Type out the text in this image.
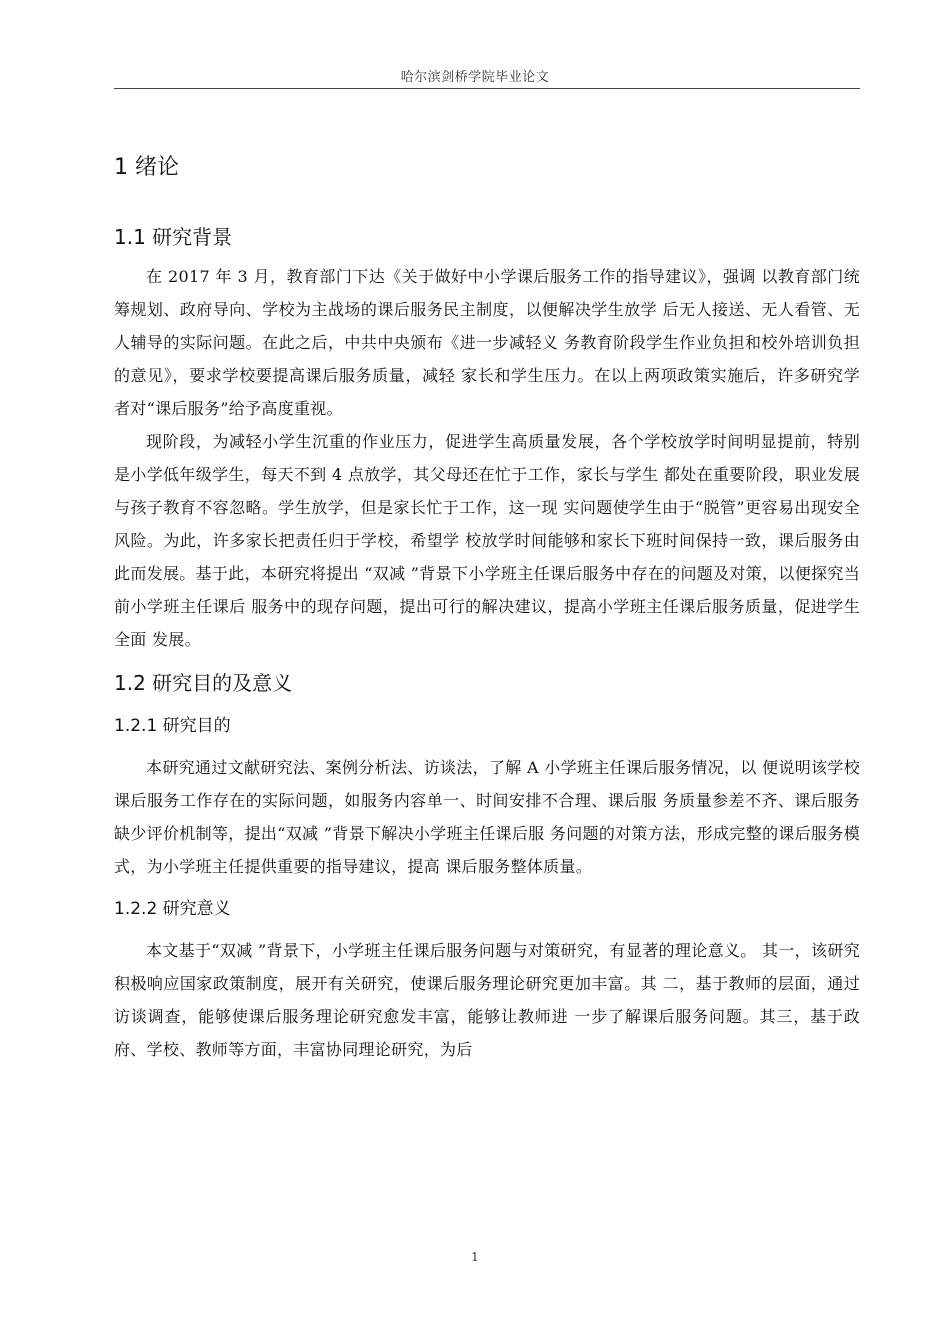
哈尔滨剑桥学院毕业论文
1 绪论
1.1 研究背景

在 2017 年 3 月，教育部门下达《关于做好中小学课后服务工作的指导建议》，强调 以教育部门统筹规划、政府导向、学校为主战场的课后服务民主制度，以便解决学生放学 后无人接送、无人看管、无人辅导的实际问题。在此之后，中共中央颁布《进一步减轻义 务教育阶段学生作业负担和校外培训负担的意见》，要求学校要提高课后服务质量，减轻 家长和学生压力。在以上两项政策实施后，许多研究学者对“课后服务”给予高度重视。

现阶段，为减轻小学生沉重的作业压力，促进学生高质量发展，各个学校放学时间明显提前，特别是小学低年级学生，每天不到 4 点放学，其父母还在忙于工作，家长与学生 都处在重要阶段，职业发展与孩子教育不容忽略。学生放学，但是家长忙于工作，这一现 实问题使学生由于“脱管”更容易出现安全风险。为此，许多家长把责任归于学校，希望学 校放学时间能够和家长下班时间保持一致，课后服务由此而发展。基于此，本研究将提出 “双减 ”背景下小学班主任课后服务中存在的问题及对策，以便探究当前小学班主任课后 服务中的现存问题，提出可行的解决建议，提高小学班主任课后服务质量，促进学生全面 发展。

1.2 研究目的及意义
1.2.1 研究目的

本研究通过文献研究法、案例分析法、访谈法，了解 A 小学班主任课后服务情况，以 便说明该学校课后服务工作存在的实际问题，如服务内容单一、时间安排不合理、课后服 务质量参差不齐、课后服务缺少评价机制等，提出“双减 ”背景下解决小学班主任课后服 务问题的对策方法，形成完整的课后服务模式，为小学班主任提供重要的指导建议，提高 课后服务整体质量。

1.2.2 研究意义

本文基于“双减 ”背景下，小学班主任课后服务问题与对策研究，有显著的理论意义。 其一，该研究积极响应国家政策制度，展开有关研究，使课后服务理论研究更加丰富。其 二，基于教师的层面，通过访谈调查，能够使课后服务理论研究愈发丰富，能够让教师进 一步了解课后服务问题。其三，基于政府、学校、教师等方面，丰富协同理论研究，为后

1
